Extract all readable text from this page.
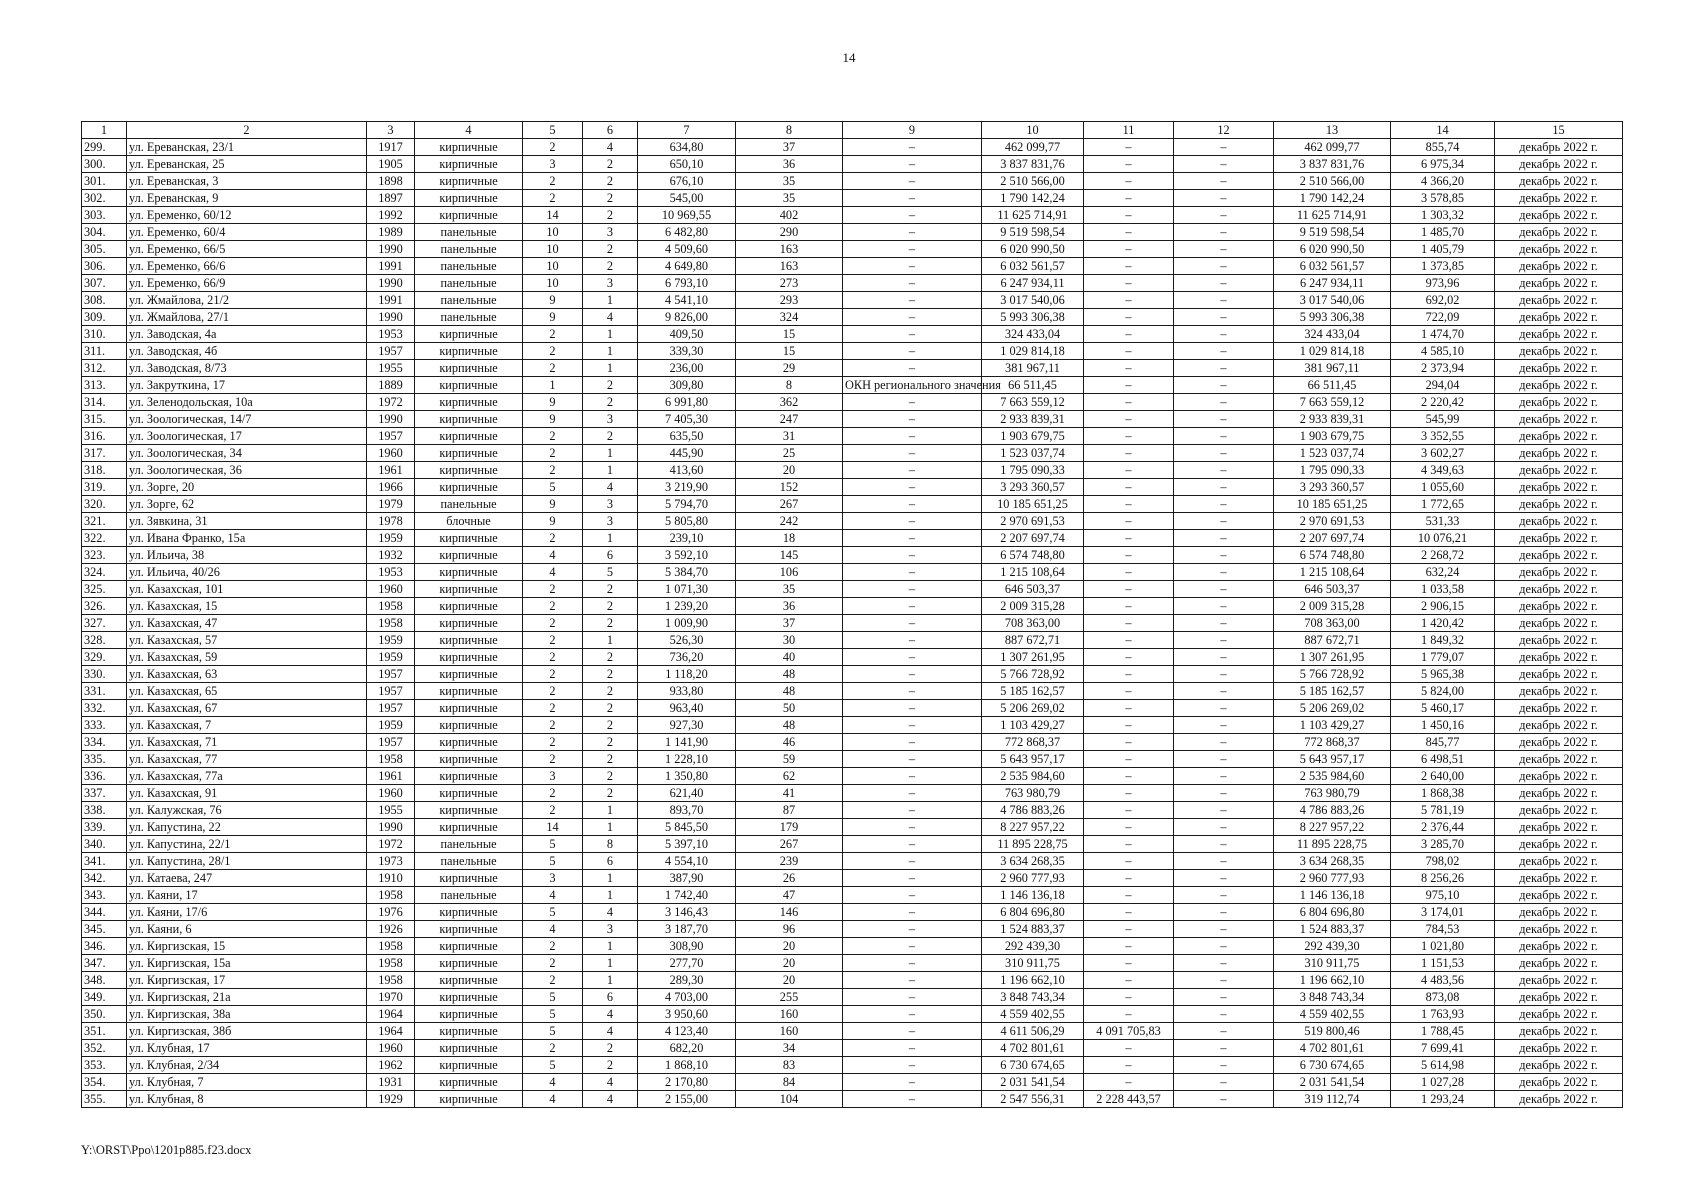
14
1	2	3	4	5	6	7	8	9	10	11	12	13	14	15
299.	ул. Ереванская, 23/1	1917	кирпичные	2	4	634,80	37	–	462 099,77	–	–	462 099,77	855,74	декабрь 2022 г.
300.	ул. Ереванская, 25	1905	кирпичные	3	2	650,10	36	–	3 837 831,76	–	–	3 837 831,76	6 975,34	декабрь 2022 г.
301.	ул. Ереванская, 3	1898	кирпичные	2	2	676,10	35	–	2 510 566,00	–	–	2 510 566,00	4 366,20	декабрь 2022 г.
302.	ул. Ереванская, 9	1897	кирпичные	2	2	545,00	35	–	1 790 142,24	–	–	1 790 142,24	3 578,85	декабрь 2022 г.
303.	ул. Еременко, 60/12	1992	кирпичные	14	2	10 969,55	402	–	11 625 714,91	–	–	11 625 714,91	1 303,32	декабрь 2022 г.
304.	ул. Еременко, 60/4	1989	панельные	10	3	6 482,80	290	–	9 519 598,54	–	–	9 519 598,54	1 485,70	декабрь 2022 г.
305.	ул. Еременко, 66/5	1990	панельные	10	2	4 509,60	163	–	6 020 990,50	–	–	6 020 990,50	1 405,79	декабрь 2022 г.
306.	ул. Еременко, 66/6	1991	панельные	10	2	4 649,80	163	–	6 032 561,57	–	–	6 032 561,57	1 373,85	декабрь 2022 г.
307.	ул. Еременко, 66/9	1990	панельные	10	3	6 793,10	273	–	6 247 934,11	–	–	6 247 934,11	973,96	декабрь 2022 г.
308.	ул. Жмайлова, 21/2	1991	панельные	9	1	4 541,10	293	–	3 017 540,06	–	–	3 017 540,06	692,02	декабрь 2022 г.
309.	ул. Жмайлова, 27/1	1990	панельные	9	4	9 826,00	324	–	5 993 306,38	–	–	5 993 306,38	722,09	декабрь 2022 г.
310.	ул. Заводская, 4а	1953	кирпичные	2	1	409,50	15	–	324 433,04	–	–	324 433,04	1 474,70	декабрь 2022 г.
311.	ул. Заводская, 4б	1957	кирпичные	2	1	339,30	15	–	1 029 814,18	–	–	1 029 814,18	4 585,10	декабрь 2022 г.
312.	ул. Заводская, 8/73	1955	кирпичные	2	1	236,00	29	–	381 967,11	–	–	381 967,11	2 373,94	декабрь 2022 г.
313.	ул. Закруткина, 17	1889	кирпичные	1	2	309,80	8	ОКН регионального значения	66 511,45	–	–	66 511,45	294,04	декабрь 2022 г.
314.	ул. Зеленодольская, 10а	1972	кирпичные	9	2	6 991,80	362	–	7 663 559,12	–	–	7 663 559,12	2 220,42	декабрь 2022 г.
315.	ул. Зоологическая, 14/7	1990	кирпичные	9	3	7 405,30	247	–	2 933 839,31	–	–	2 933 839,31	545,99	декабрь 2022 г.
316.	ул. Зоологическая, 17	1957	кирпичные	2	2	635,50	31	–	1 903 679,75	–	–	1 903 679,75	3 352,55	декабрь 2022 г.
317.	ул. Зоологическая, 34	1960	кирпичные	2	1	445,90	25	–	1 523 037,74	–	–	1 523 037,74	3 602,27	декабрь 2022 г.
318.	ул. Зоологическая, 36	1961	кирпичные	2	1	413,60	20	–	1 795 090,33	–	–	1 795 090,33	4 349,63	декабрь 2022 г.
319.	ул. Зорге, 20	1966	кирпичные	5	4	3 219,90	152	–	3 293 360,57	–	–	3 293 360,57	1 055,60	декабрь 2022 г.
320.	ул. Зорге, 62	1979	панельные	9	3	5 794,70	267	–	10 185 651,25	–	–	10 185 651,25	1 772,65	декабрь 2022 г.
321.	ул. Зявкина, 31	1978	блочные	9	3	5 805,80	242	–	2 970 691,53	–	–	2 970 691,53	531,33	декабрь 2022 г.
322.	ул. Ивана Франко, 15а	1959	кирпичные	2	1	239,10	18	–	2 207 697,74	–	–	2 207 697,74	10 076,21	декабрь 2022 г.
323.	ул. Ильича, 38	1932	кирпичные	4	6	3 592,10	145	–	6 574 748,80	–	–	6 574 748,80	2 268,72	декабрь 2022 г.
324.	ул. Ильича, 40/26	1953	кирпичные	4	5	5 384,70	106	–	1 215 108,64	–	–	1 215 108,64	632,24	декабрь 2022 г.
325.	ул. Казахская, 101	1960	кирпичные	2	2	1 071,30	35	–	646 503,37	–	–	646 503,37	1 033,58	декабрь 2022 г.
326.	ул. Казахская, 15	1958	кирпичные	2	2	1 239,20	36	–	2 009 315,28	–	–	2 009 315,28	2 906,15	декабрь 2022 г.
327.	ул. Казахская, 47	1958	кирпичные	2	2	1 009,90	37	–	708 363,00	–	–	708 363,00	1 420,42	декабрь 2022 г.
328.	ул. Казахская, 57	1959	кирпичные	2	1	526,30	30	–	887 672,71	–	–	887 672,71	1 849,32	декабрь 2022 г.
329.	ул. Казахская, 59	1959	кирпичные	2	2	736,20	40	–	1 307 261,95	–	–	1 307 261,95	1 779,07	декабрь 2022 г.
330.	ул. Казахская, 63	1957	кирпичные	2	2	1 118,20	48	–	5 766 728,92	–	–	5 766 728,92	5 965,38	декабрь 2022 г.
331.	ул. Казахская, 65	1957	кирпичные	2	2	933,80	48	–	5 185 162,57	–	–	5 185 162,57	5 824,00	декабрь 2022 г.
332.	ул. Казахская, 67	1957	кирпичные	2	2	963,40	50	–	5 206 269,02	–	–	5 206 269,02	5 460,17	декабрь 2022 г.
333.	ул. Казахская, 7	1959	кирпичные	2	2	927,30	48	–	1 103 429,27	–	–	1 103 429,27	1 450,16	декабрь 2022 г.
334.	ул. Казахская, 71	1957	кирпичные	2	2	1 141,90	46	–	772 868,37	–	–	772 868,37	845,77	декабрь 2022 г.
335.	ул. Казахская, 77	1958	кирпичные	2	2	1 228,10	59	–	5 643 957,17	–	–	5 643 957,17	6 498,51	декабрь 2022 г.
336.	ул. Казахская, 77а	1961	кирпичные	3	2	1 350,80	62	–	2 535 984,60	–	–	2 535 984,60	2 640,00	декабрь 2022 г.
337.	ул. Казахская, 91	1960	кирпичные	2	2	621,40	41	–	763 980,79	–	–	763 980,79	1 868,38	декабрь 2022 г.
338.	ул. Калужская, 76	1955	кирпичные	2	1	893,70	87	–	4 786 883,26	–	–	4 786 883,26	5 781,19	декабрь 2022 г.
339.	ул. Капустина, 22	1990	кирпичные	14	1	5 845,50	179	–	8 227 957,22	–	–	8 227 957,22	2 376,44	декабрь 2022 г.
340.	ул. Капустина, 22/1	1972	панельные	5	8	5 397,10	267	–	11 895 228,75	–	–	11 895 228,75	3 285,70	декабрь 2022 г.
341.	ул. Капустина, 28/1	1973	панельные	5	6	4 554,10	239	–	3 634 268,35	–	–	3 634 268,35	798,02	декабрь 2022 г.
342.	ул. Катаева, 247	1910	кирпичные	3	1	387,90	26	–	2 960 777,93	–	–	2 960 777,93	8 256,26	декабрь 2022 г.
343.	ул. Каяни, 17	1958	панельные	4	1	1 742,40	47	–	1 146 136,18	–	–	1 146 136,18	975,10	декабрь 2022 г.
344.	ул. Каяни, 17/6	1976	кирпичные	5	4	3 146,43	146	–	6 804 696,80	–	–	6 804 696,80	3 174,01	декабрь 2022 г.
345.	ул. Каяни, 6	1926	кирпичные	4	3	3 187,70	96	–	1 524 883,37	–	–	1 524 883,37	784,53	декабрь 2022 г.
346.	ул. Киргизская, 15	1958	кирпичные	2	1	308,90	20	–	292 439,30	–	–	292 439,30	1 021,80	декабрь 2022 г.
347.	ул. Киргизская, 15а	1958	кирпичные	2	1	277,70	20	–	310 911,75	–	–	310 911,75	1 151,53	декабрь 2022 г.
348.	ул. Киргизская, 17	1958	кирпичные	2	1	289,30	20	–	1 196 662,10	–	–	1 196 662,10	4 483,56	декабрь 2022 г.
349.	ул. Киргизская, 21а	1970	кирпичные	5	6	4 703,00	255	–	3 848 743,34	–	–	3 848 743,34	873,08	декабрь 2022 г.
350.	ул. Киргизская, 38а	1964	кирпичные	5	4	3 950,60	160	–	4 559 402,55	–	–	4 559 402,55	1 763,93	декабрь 2022 г.
351.	ул. Киргизская, 38б	1964	кирпичные	5	4	4 123,40	160	–	4 611 506,29	4 091 705,83	–	519 800,46	1 788,45	декабрь 2022 г.
352.	ул. Клубная, 17	1960	кирпичные	2	2	682,20	34	–	4 702 801,61	–	–	4 702 801,61	7 699,41	декабрь 2022 г.
353.	ул. Клубная, 2/34	1962	кирпичные	5	2	1 868,10	83	–	6 730 674,65	–	–	6 730 674,65	5 614,98	декабрь 2022 г.
354.	ул. Клубная, 7	1931	кирпичные	4	4	2 170,80	84	–	2 031 541,54	–	–	2 031 541,54	1 027,28	декабрь 2022 г.
355.	ул. Клубная, 8	1929	кирпичные	4	4	2 155,00	104	–	2 547 556,31	2 228 443,57	–	319 112,74	1 293,24	декабрь 2022 г.
Y:\ORST\Ppo\1201p885.f23.docx
